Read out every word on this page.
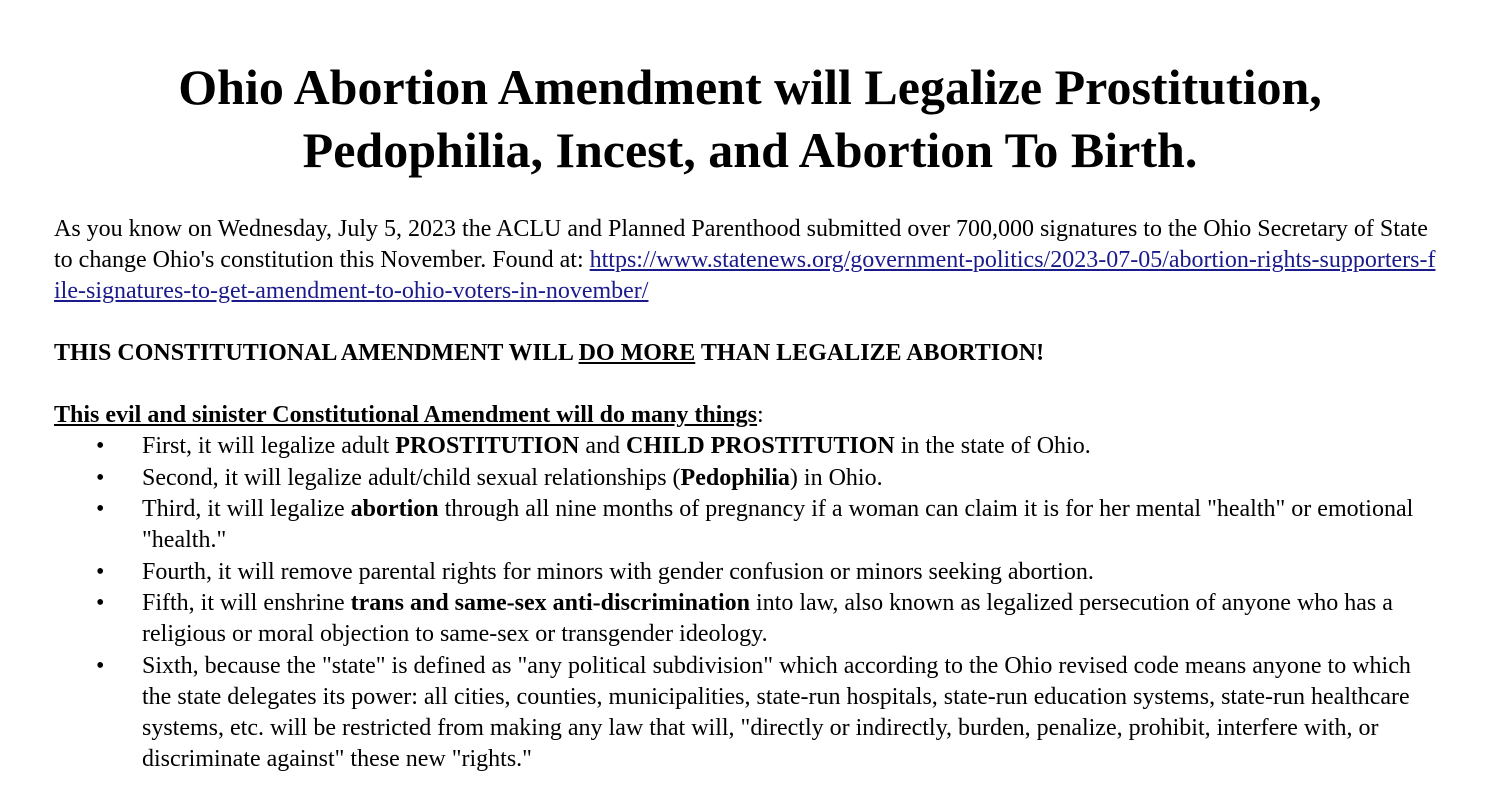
Ohio Abortion Amendment will Legalize Prostitution, Pedophilia, Incest, and Abortion To Birth.

As you know on Wednesday, July 5, 2023 the ACLU and Planned Parenthood submitted over 700,000 signatures to the Ohio Secretary of State to change Ohio's constitution this November. Found at: https://www.statenews.org/government-politics/2023-07-05/abortion-rights-supporters-file-signatures-to-get-amendment-to-ohio-voters-in-november/

THIS CONSTITUTIONAL AMENDMENT WILL DO MORE THAN LEGALIZE ABORTION!

This evil and sinister Constitutional Amendment will do many things:

• First, it will legalize adult PROSTITUTION and CHILD PROSTITUTION in the state of Ohio.
• Second, it will legalize adult/child sexual relationships (Pedophilia) in Ohio.
• Third, it will legalize abortion through all nine months of pregnancy if a woman can claim it is for her mental "health" or emotional "health."
• Fourth, it will remove parental rights for minors with gender confusion or minors seeking abortion.
• Fifth, it will enshrine trans and same-sex anti-discrimination into law, also known as legalized persecution of anyone who has a religious or moral objection to same-sex or transgender ideology.
• Sixth, because the "state" is defined as "any political subdivision" which according to the Ohio revised code means anyone to which the state delegates its power: all cities, counties, municipalities, state-run hospitals, state-run education systems, state-run healthcare systems, etc. will be restricted from making any law that will, "directly or indirectly, burden, penalize, prohibit, interfere with, or discriminate against" these new "rights."
